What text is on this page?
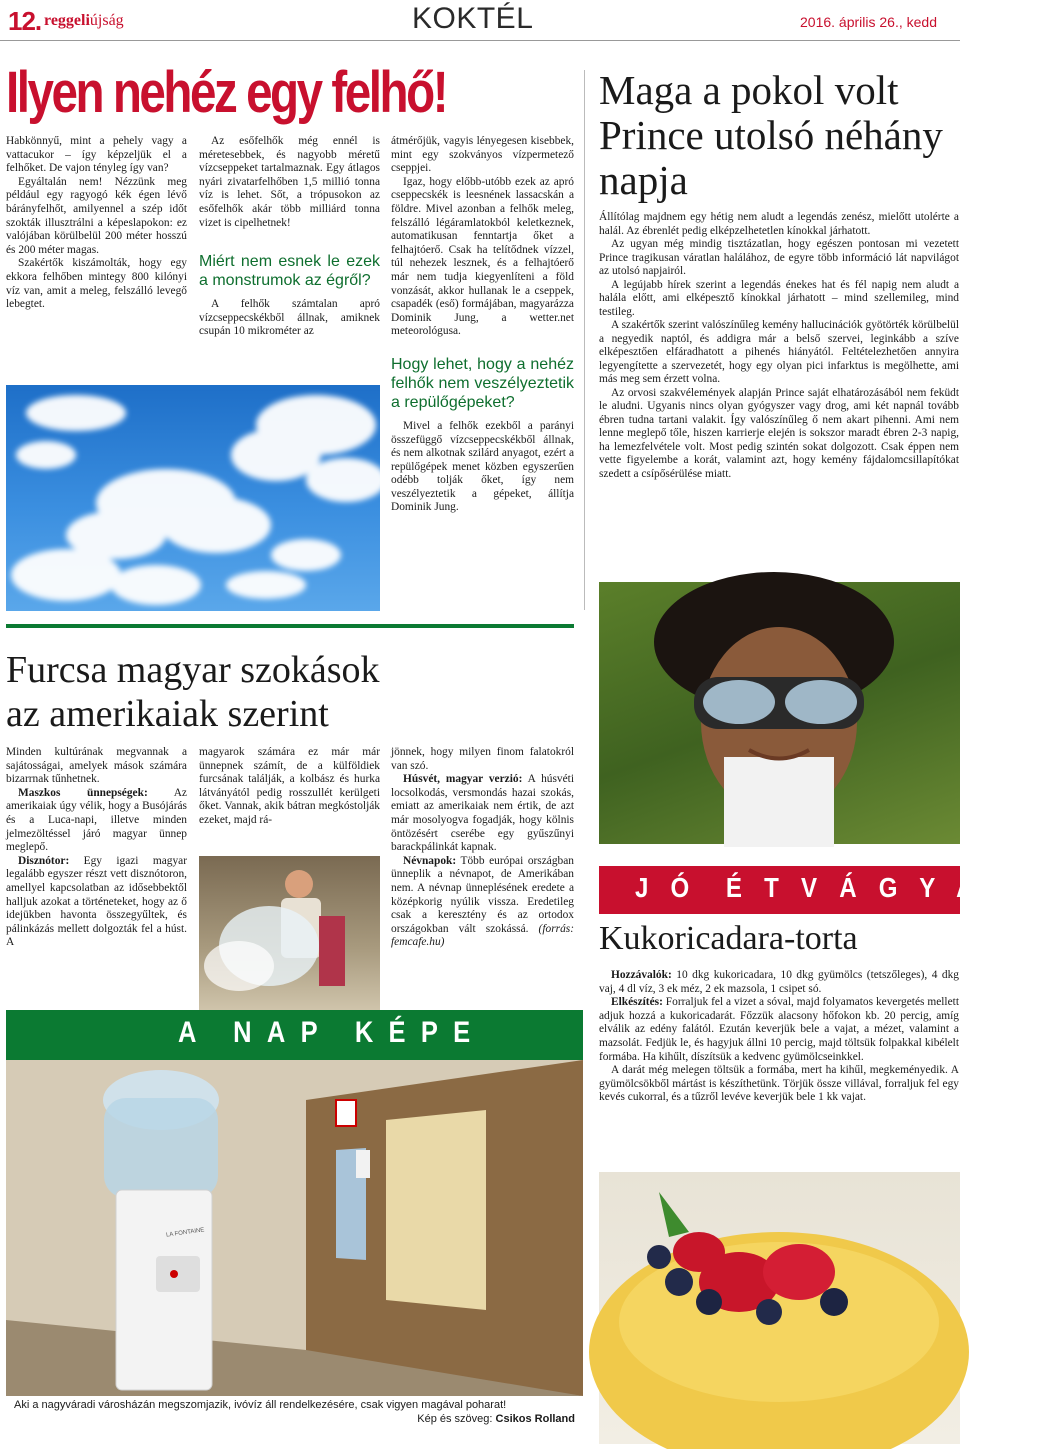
12. reggeliújság	KOKTÉL	2016. április 26., kedd
Ilyen nehéz egy felhő!

Habkönnyű, mint a pehely vagy a vattacukor – így képzeljük el a felhőket. De vajon tényleg így van?

Egyáltalán nem! Nézzünk meg például egy ragyogó kék égen lévő bárányfelhőt, amilyennel a szép időt szokták illusztrálni a képeslapokon: ez valójában körülbelül 200 méter hosszú és 200 méter magas.

Szakértők kiszámolták, hogy egy ekkora felhőben mintegy 800 kilónyi víz van, amit a meleg, felszálló levegő lebegtet.

Az esőfelhők még ennél is méretesebbek, és nagyobb méretű vízcseppeket tartalmaznak. Egy átlagos nyári zivatarfelhőben 1,5 millió tonna víz is lehet. Sőt, a trópusokon az esőfelhők akár több milliárd tonna vizet is cipelhetnek!

Miért nem esnek le ezek a monstrumok az égről?

A felhők számtalan apró vízcseppecskékből állnak, amiknek csupán 10 mikrométer az

átmérőjük, vagyis lényegesen kisebbek, mint egy szokványos vízpermetező cseppjei.

Igaz, hogy előbb-utóbb ezek az apró cseppecskék is leesnének lassacskán a földre. Mivel azonban a felhők meleg, felszálló légáramlatokból keletkeznek, automatikusan fenntartja őket a felhajtóerő. Csak ha telítődnek vízzel, túl nehezek lesznek, és a felhajtóerő már nem tudja kiegyenlíteni a föld vonzását, akkor hullanak le a cseppek, csapadék (eső) formájában, magyarázza Dominik Jung, a wetter.net meteorológusa.

Hogy lehet, hogy a nehéz felhők nem veszélyeztetik a repülőgépeket?

Mivel a felhők ezekből a parányi összefüggő vízcseppecskékből állnak, és nem alkotnak szilárd anyagot, ezért a repülőgépek menet közben egyszerűen odébb tolják őket, így nem veszélyeztetik a gépeket, állítja Dominik Jung.

Maga a pokol volt Prince utolsó néhány napja

Állítólag majdnem egy hétig nem aludt a legendás zenész, mielőtt utolérte a halál. Az ébrenlét pedig elképzelhetetlen kínokkal járhatott.

Az ugyan még mindig tisztázatlan, hogy egészen pontosan mi vezetett Prince tragikusan váratlan halálához, de egyre több információ lát napvilágot az utolsó napjairól.

A legújabb hírek szerint a legendás énekes hat és fél napig nem aludt a halála előtt, ami elképesztő kínokkal járhatott – mind szellemileg, mind testileg.

A szakértők szerint valószínűleg kemény hallucinációk gyötörték körülbelül a negyedik naptól, és addigra már a belső szervei, leginkább a szíve elképesztően elfáradhatott a pihenés hiányától. Feltételezhetően annyira legyengítette a szervezetét, hogy egy olyan pici infarktus is megölhette, ami más meg sem érzett volna.

Az orvosi szakvélemények alapján Prince saját elhatározásából nem feküdt le aludni. Ugyanis nincs olyan gyógyszer vagy drog, ami két napnál tovább ébren tudna tartani valakit. Így valószínűleg ő nem akart pihenni. Ami nem lenne meglepő tőle, hiszen karrierje elején is sokszor maradt ébren 2-3 napig, ha lemezfelvétele volt. Most pedig szintén sokat dolgozott. Csak éppen nem vette figyelembe a korát, valamint azt, hogy kemény fájdalomcsillapítókat szedett a csípősérülése miatt.

Furcsa magyar szokások
az amerikaiak szerint

Minden kultúrának megvannak a sajátosságai, amelyek mások számára bizarrnak tűnhetnek.

Maszkos ünnepségek: Az amerikaiak úgy vélik, hogy a Busójárás és a Luca-napi, illetve minden jelmezöltéssel járó magyar ünnep meglepő.

Disznótor: Egy igazi magyar legalább egyszer részt vett disznótoron, amellyel kapcsolatban az idősebbektől halljuk azokat a történeteket, hogy az ő idejükben havonta összegyűltek, és pálinkázás mellett dolgozták fel a húst. A

magyarok számára ez már már ünnepnek számít, de a külföldiek furcsának találják, a kolbász és hurka látványától pedig rosszullét kerülgeti őket. Vannak, akik bátran megkóstolják ezeket, majd rá-

jönnek, hogy milyen finom falatokról van szó.

Húsvét, magyar verzió: A húsvéti locsolkodás, versmondás hazai szokás, emiatt az amerikaiak nem értik, de azt már mosolyogva fogadják, hogy kölnis öntözésért cserébe egy gyűszűnyi barackpálinkát kapnak.

Névnapok: Több európai országban ünneplik a névnapot, de Amerikában nem. A névnap ünneplésének eredete a középkorig nyúlik vissza. Eredetileg csak a keresztény és az ortodox országokban vált szokássá. (forrás: femcafe.hu)

A NAP KÉPE
LA FONTAINE
Aki a nagyváradi városházán megszomjazik, ivóvíz áll rendelkezésére, csak vigyen magával poharat!
Kép és szöveg: Csikos Rolland
J Ó  É T V Á G Y A T !
Kukoricadara-torta

Hozzávalók: 10 dkg kukoricadara, 10 dkg gyümölcs (tetszőleges), 4 dkg vaj, 4 dl víz, 3 ek méz, 2 ek mazsola, 1 csipet só.

Elkészítés: Forraljuk fel a vizet a sóval, majd folyamatos kevergetés mellett adjuk hozzá a kukoricadarát. Főzzük alacsony hőfokon kb. 20 percig, amíg elválik az edény falától. Ezután keverjük bele a vajat, a mézet, valamint a mazsolát. Fedjük le, és hagyjuk állni 10 percig, majd töltsük folpakkal kibélelt formába. Ha kihűlt, díszítsük a kedvenc gyümölcseinkkel.

A darát még melegen töltsük a formába, mert ha kihűl, megkeményedik. A gyümölcsökből mártást is készíthetünk. Törjük össze villával, forraljuk fel egy kevés cukorral, és a tűzről levéve keverjük bele 1 kk vajat.
